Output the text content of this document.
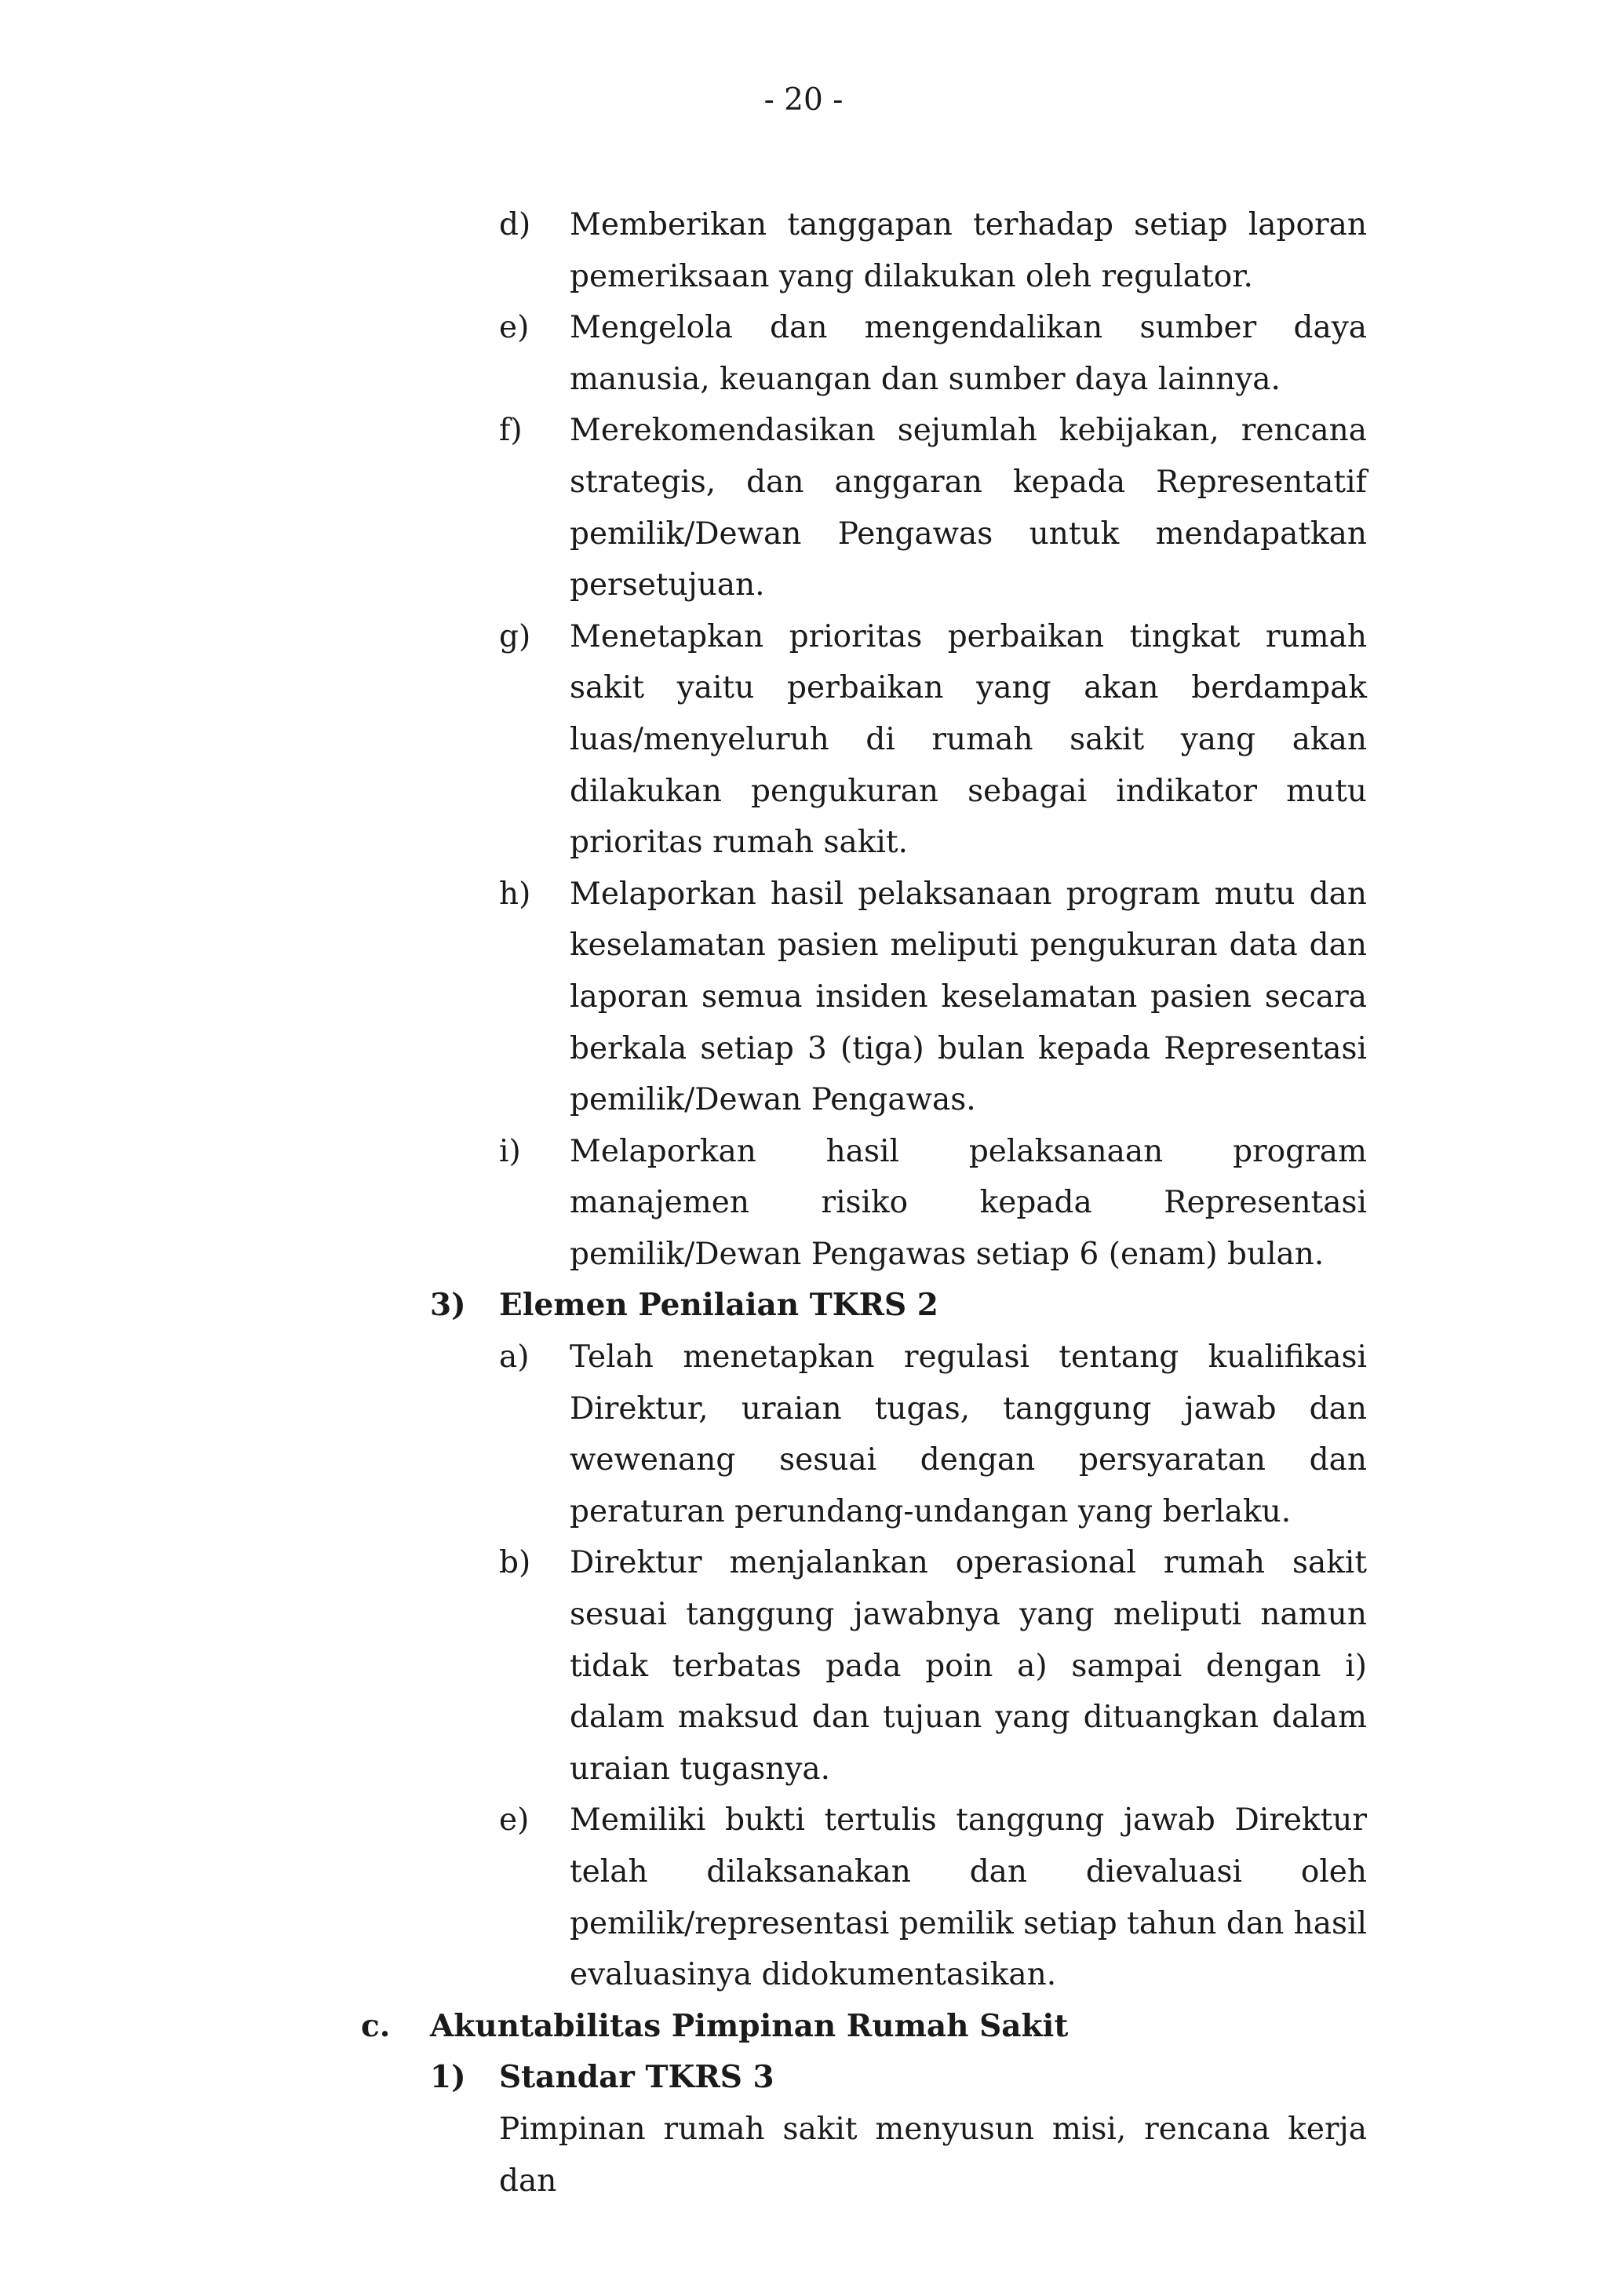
- 20 -
d) Memberikan tanggapan terhadap setiap laporan pemeriksaan yang dilakukan oleh regulator.
e) Mengelola dan mengendalikan sumber daya manusia, keuangan dan sumber daya lainnya.
f) Merekomendasikan sejumlah kebijakan, rencana strategis, dan anggaran kepada Representatif pemilik/Dewan Pengawas untuk mendapatkan persetujuan.
g) Menetapkan prioritas perbaikan tingkat rumah sakit yaitu perbaikan yang akan berdampak luas/menyeluruh di rumah sakit yang akan dilakukan pengukuran sebagai indikator mutu prioritas rumah sakit.
h) Melaporkan hasil pelaksanaan program mutu dan keselamatan pasien meliputi pengukuran data dan laporan semua insiden keselamatan pasien secara berkala setiap 3 (tiga) bulan kepada Representasi pemilik/Dewan Pengawas.
i) Melaporkan hasil pelaksanaan program manajemen risiko kepada Representasi pemilik/Dewan Pengawas setiap 6 (enam) bulan.
3) Elemen Penilaian TKRS 2
a) Telah menetapkan regulasi tentang kualifikasi Direktur, uraian tugas, tanggung jawab dan wewenang sesuai dengan persyaratan dan peraturan perundang-undangan yang berlaku.
b) Direktur menjalankan operasional rumah sakit sesuai tanggung jawabnya yang meliputi namun tidak terbatas pada poin a) sampai dengan i) dalam maksud dan tujuan yang dituangkan dalam uraian tugasnya.
e) Memiliki bukti tertulis tanggung jawab Direktur telah dilaksanakan dan dievaluasi oleh pemilik/representasi pemilik setiap tahun dan hasil evaluasinya didokumentasikan.
c. Akuntabilitas Pimpinan Rumah Sakit
1) Standar TKRS 3
Pimpinan rumah sakit menyusun misi, rencana kerja dan
